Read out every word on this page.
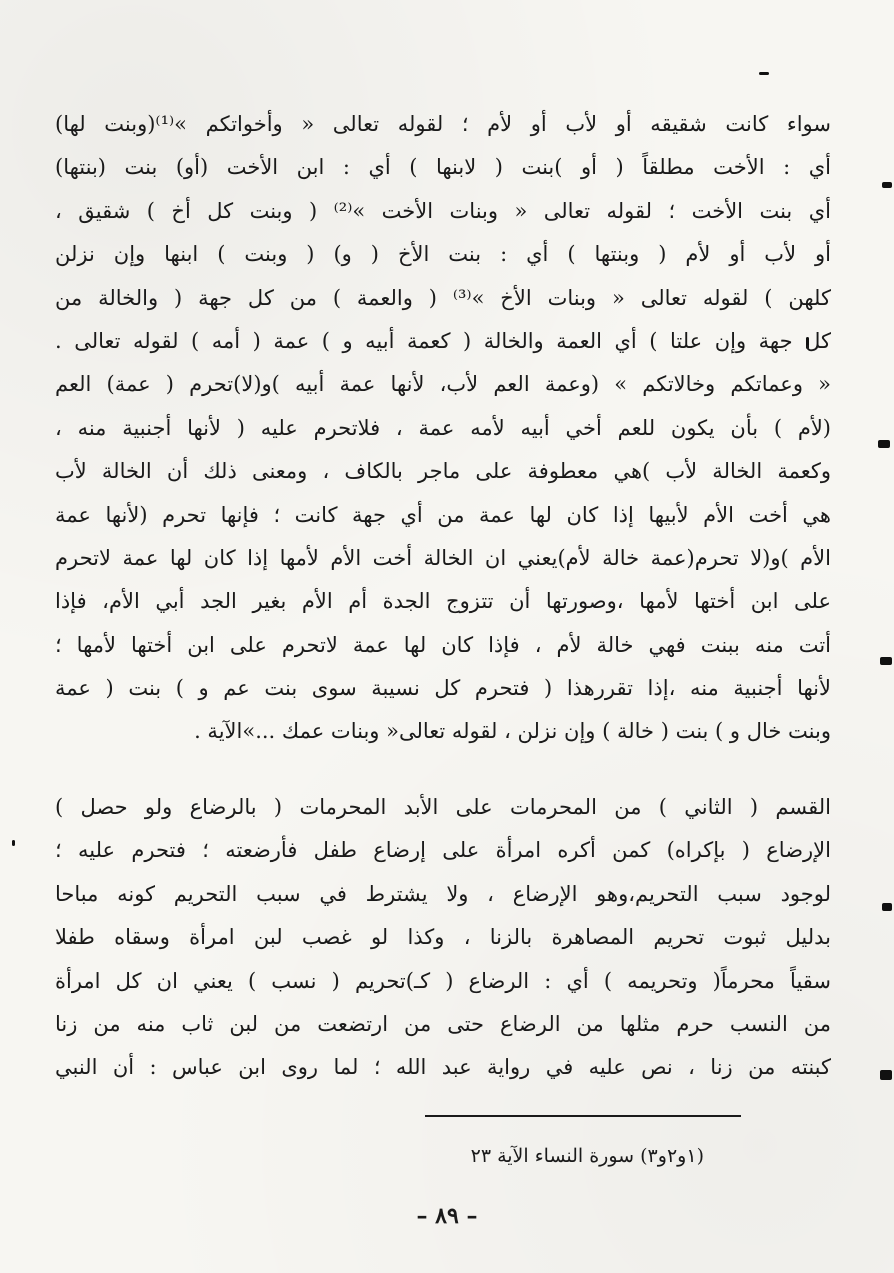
سواء كانت شقيقه أو لأب أو لأم ؛ لقوله تعالى « وأخواتكم »⁽¹⁾(وبنت لها)
أي : الأخت مطلقاً ( أو )بنت ( لابنها ) أي : ابن الأخت (أو) بنت (بنتها)
أي بنت الأخت ؛ لقوله تعالى « وبنات الأخت »⁽²⁾ ( وبنت كل أخ ) شقيق ،
أو لأب أو لأم ( وبنتها ) أي : بنت الأخ ( و) ( وبنت ) ابنها وإن نزلن
كلهن ) لقوله تعالى « وبنات الأخ »⁽³⁾ ( والعمة ) من كل جهة ( والخالة من
كل جهة وإن علتا ) أي العمة والخالة ( كعمة أبيه و ) عمة ( أمه ) لقوله تعالى .
« وعماتكم وخالاتكم » (وعمة العم لأب، لأنها عمة أبيه )و(لا)تحرم ( عمة) العم
(لأم ) بأن يكون للعم أخي أبيه لأمه عمة ، فلاتحرم عليه ( لأنها أجنبية منه ،
وكعمة الخالة لأب )هي معطوفة على ماجر بالكاف ، ومعنى ذلك أن الخالة لأب
هي أخت الأم لأبيها إذا كان لها عمة من أي جهة كانت ؛ فإنها تحرم (لأنها عمة
الأم )و(لا تحرم(عمة خالة لأم)يعني ان الخالة أخت الأم لأمها إذا كان لها عمة لاتحرم
على ابن أختها لأمها ،وصورتها أن تتزوج الجدة أم الأم بغير الجد أبي الأم، فإذا
أتت منه ببنت فهي خالة لأم ، فإذا كان لها عمة لاتحرم على ابن أختها لأمها ؛
لأنها أجنبية منه ،إذا تقررهذا ( فتحرم كل نسيبة سوى بنت عم و ) بنت ( عمة
وبنت خال و ) بنت ( خالة ) وإن نزلن ، لقوله تعالى« وبنات عمك ...»الآية .
القسم ( الثاني ) من المحرمات على الأبد المحرمات ( بالرضاع ولو حصل )
الإرضاع ( بإكراه) كمن أكره امرأة على إرضاع طفل فأرضعته ؛ فتحرم عليه ؛
لوجود سبب التحريم،وهو الإرضاع ، ولا يشترط في سبب التحريم كونه مباحا
بدليل ثبوت تحريم المصاهرة بالزنا ، وكذا لو غصب لبن امرأة وسقاه طفلا
سقياً محرماً( وتحريمه ) أي : الرضاع ( كـ)تحريم ( نسب ) يعني ان كل امرأة
من النسب حرم مثلها من الرضاع حتى من ارتضعت من لبن ثاب منه من زنا
كبنته من زنا ، نص عليه في رواية عبد الله ؛ لما روى ابن عباس : أن النبي
(١و٢و٣) سورة النساء الآية ٢٣
– ٨٩ –
